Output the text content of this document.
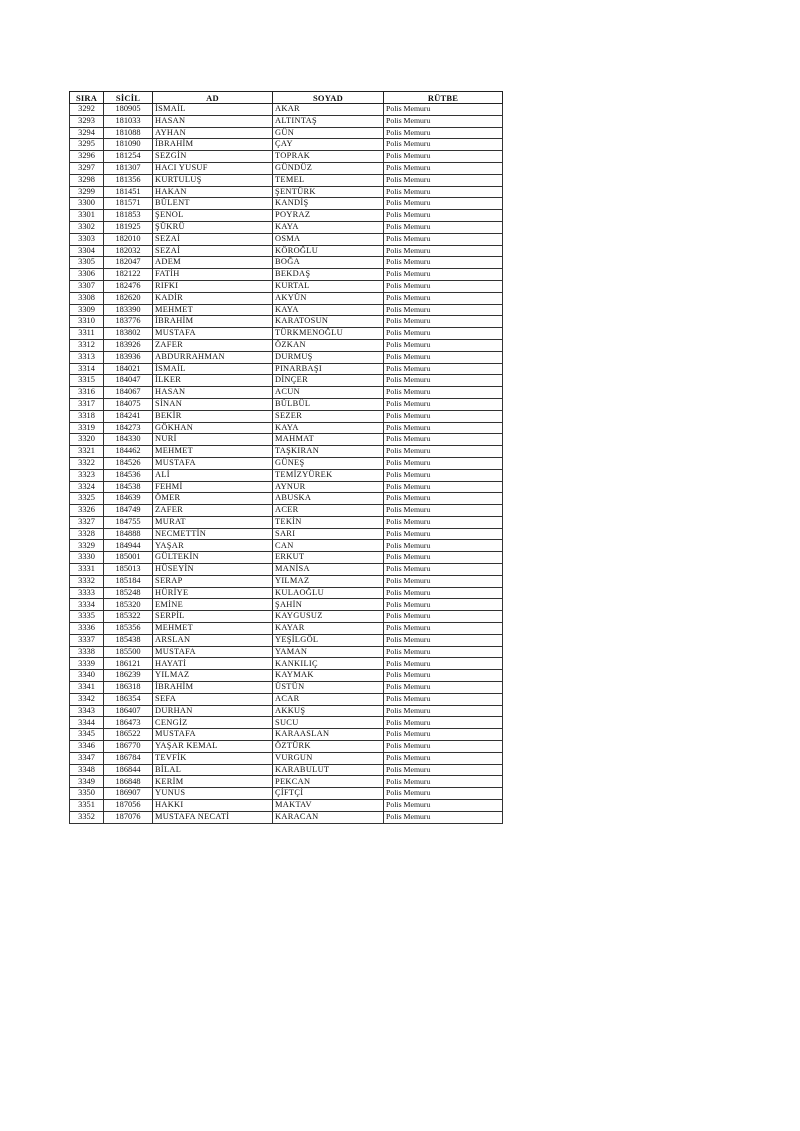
SIRA	SİCİL	AD	SOYAD	RÜTBE
3292	180905	İSMAİL	AKAR	Polis Memuru
3293	181033	HASAN	ALTINTAŞ	Polis Memuru
3294	181088	AYHAN	GÜN	Polis Memuru
3295	181090	İBRAHİM	ÇAY	Polis Memuru
3296	181254	SEZGİN	TOPRAK	Polis Memuru
3297	181307	HACI YUSUF	GÜNDÜZ	Polis Memuru
3298	181356	KURTULUŞ	TEMEL	Polis Memuru
3299	181451	HAKAN	ŞENTÜRK	Polis Memuru
3300	181571	BÜLENT	KANDİŞ	Polis Memuru
3301	181853	ŞENOL	POYRAZ	Polis Memuru
3302	181925	ŞÜKRÜ	KAYA	Polis Memuru
3303	182010	SEZAİ	OSMA	Polis Memuru
3304	182032	SEZAİ	KÖROĞLU	Polis Memuru
3305	182047	ADEM	BOĞA	Polis Memuru
3306	182122	FATİH	BEKDAŞ	Polis Memuru
3307	182476	RIFKI	KURTAL	Polis Memuru
3308	182620	KADİR	AKYÜN	Polis Memuru
3309	183390	MEHMET	KAYA	Polis Memuru
3310	183776	İBRAHİM	KARATOSUN	Polis Memuru
3311	183802	MUSTAFA	TÜRKMENOĞLU	Polis Memuru
3312	183926	ZAFER	ÖZKAN	Polis Memuru
3313	183936	ABDURRAHMAN	DURMUŞ	Polis Memuru
3314	184021	İSMAİL	PINARBAŞI	Polis Memuru
3315	184047	İLKER	DİNÇER	Polis Memuru
3316	184067	HASAN	ACUN	Polis Memuru
3317	184075	SİNAN	BÜLBÜL	Polis Memuru
3318	184241	BEKİR	SEZER	Polis Memuru
3319	184273	GÖKHAN	KAYA	Polis Memuru
3320	184330	NURİ	MAHMAT	Polis Memuru
3321	184462	MEHMET	TAŞKIRAN	Polis Memuru
3322	184526	MUSTAFA	GÜNEŞ	Polis Memuru
3323	184536	ALİ	TEMİZYÜREK	Polis Memuru
3324	184538	FEHMİ	AYNUR	Polis Memuru
3325	184639	ÖMER	ABUSKA	Polis Memuru
3326	184749	ZAFER	ACER	Polis Memuru
3327	184755	MURAT	TEKİN	Polis Memuru
3328	184888	NECMETTİN	SARI	Polis Memuru
3329	184944	YAŞAR	CAN	Polis Memuru
3330	185001	GÜLTEKİN	ERKUT	Polis Memuru
3331	185013	HÜSEYİN	MANİSA	Polis Memuru
3332	185184	SERAP	YILMAZ	Polis Memuru
3333	185248	HÜRİYE	KULAOĞLU	Polis Memuru
3334	185320	EMİNE	ŞAHİN	Polis Memuru
3335	185322	SERPİL	KAYGUSUZ	Polis Memuru
3336	185356	MEHMET	KAYAR	Polis Memuru
3337	185438	ARSLAN	YEŞİLGÖL	Polis Memuru
3338	185500	MUSTAFA	YAMAN	Polis Memuru
3339	186121	HAYATİ	KANKILIÇ	Polis Memuru
3340	186239	YILMAZ	KAYMAK	Polis Memuru
3341	186318	İBRAHİM	ÜSTÜN	Polis Memuru
3342	186354	SEFA	ACAR	Polis Memuru
3343	186407	DURHAN	AKKUŞ	Polis Memuru
3344	186473	CENGİZ	SUCU	Polis Memuru
3345	186522	MUSTAFA	KARAASLAN	Polis Memuru
3346	186770	YAŞAR KEMAL	ÖZTÜRK	Polis Memuru
3347	186784	TEVFİK	VURGUN	Polis Memuru
3348	186844	BİLAL	KARABULUT	Polis Memuru
3349	186848	KERİM	PEKCAN	Polis Memuru
3350	186907	YUNUS	ÇİFTÇİ	Polis Memuru
3351	187056	HAKKI	MAKTAV	Polis Memuru
3352	187076	MUSTAFA NECATİ	KARACAN	Polis Memuru
